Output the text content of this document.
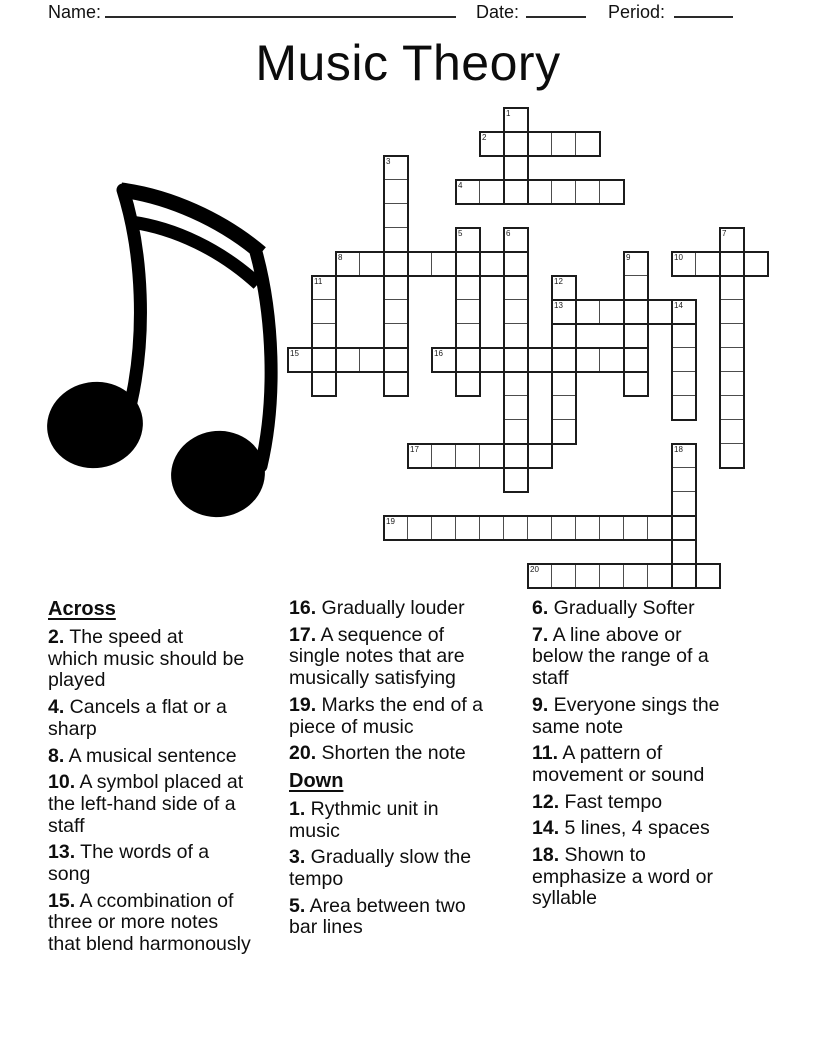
Name:	Date:	Period:
Music Theory
1
2
3
4
5	6	7
8	9	10
11	12
13	14
15	16
17	18
19
20
Across

2. The speed at
which music should be
played

4. Cancels a flat or a
sharp

8. A musical sentence

10. A symbol placed at
the left-hand side of a
staff

13. The words of a
song

15. A ccombination of
three or more notes
that blend harmonously

16. Gradually louder

17. A sequence of
single notes that are
musically satisfying

19. Marks the end of a
piece of music

20. Shorten the note

Down

1. Rythmic unit in
music

3. Gradually slow the
tempo

5. Area between two
bar lines

6. Gradually Softer

7. A line above or
below the range of a
staff

9. Everyone sings the
same note

11. A pattern of
movement or sound

12. Fast tempo

14. 5 lines, 4 spaces

18. Shown to
emphasize a word or
syllable
